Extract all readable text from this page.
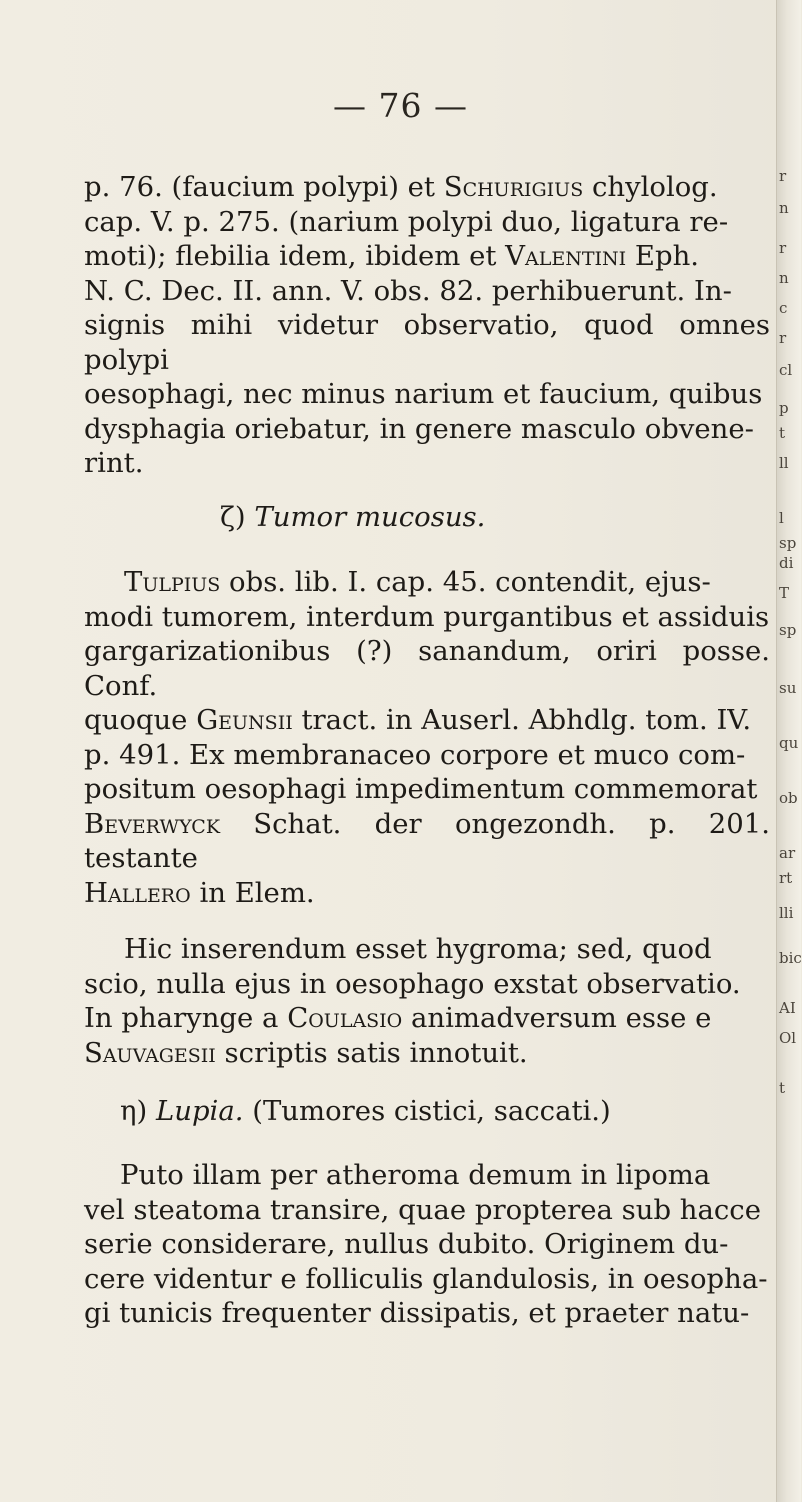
— 76 —

p. 76. (faucium polypi) et Schurigius chylolog.

cap. V. p. 275. (narium polypi duo, ligatura re-

moti); flebilia idem, ibidem et Valentini Eph.

N. C. Dec. II. ann. V. obs. 82. perhibuerunt. In-

signis mihi videtur observatio, quod omnes polypi

oesophagi, nec minus narium et faucium, quibus

dysphagia oriebatur, in genere masculo obvene-

rint.

ζ) Tumor mucosus.

Tulpius obs. lib. I. cap. 45. contendit, ejus-

modi tumorem, interdum purgantibus et assiduis

gargarizationibus (?) sanandum, oriri posse. Conf.

quoque Geunsii tract. in Auserl. Abhdlg. tom. IV.

p. 491. Ex membranaceo corpore et muco com-

positum oesophagi impedimentum commemorat

Beverwyck Schat. der ongezondh. p. 201. testante

Hallero in Elem.

Hic inserendum esset hygroma; sed, quod

scio, nulla ejus in oesophago exstat observatio.

In pharynge a Coulasio animadversum esse e

Sauvagesii scriptis satis innotuit.

η) Lupia. (Tumores cistici, saccati.)

Puto illam per atheroma demum in lipoma

vel steatoma transire, quae propterea sub hacce

serie considerare, nullus dubito. Originem du-

cere videntur e folliculis glandulosis, in oesopha-

gi tunicis frequenter dissipatis, et praeter natu-

r
n
r
n
c
r
cl
p
t
ll
l
sp
di
T
sp
su
qu
ob
ar
rt
lli
bic
AI
Ol
t
